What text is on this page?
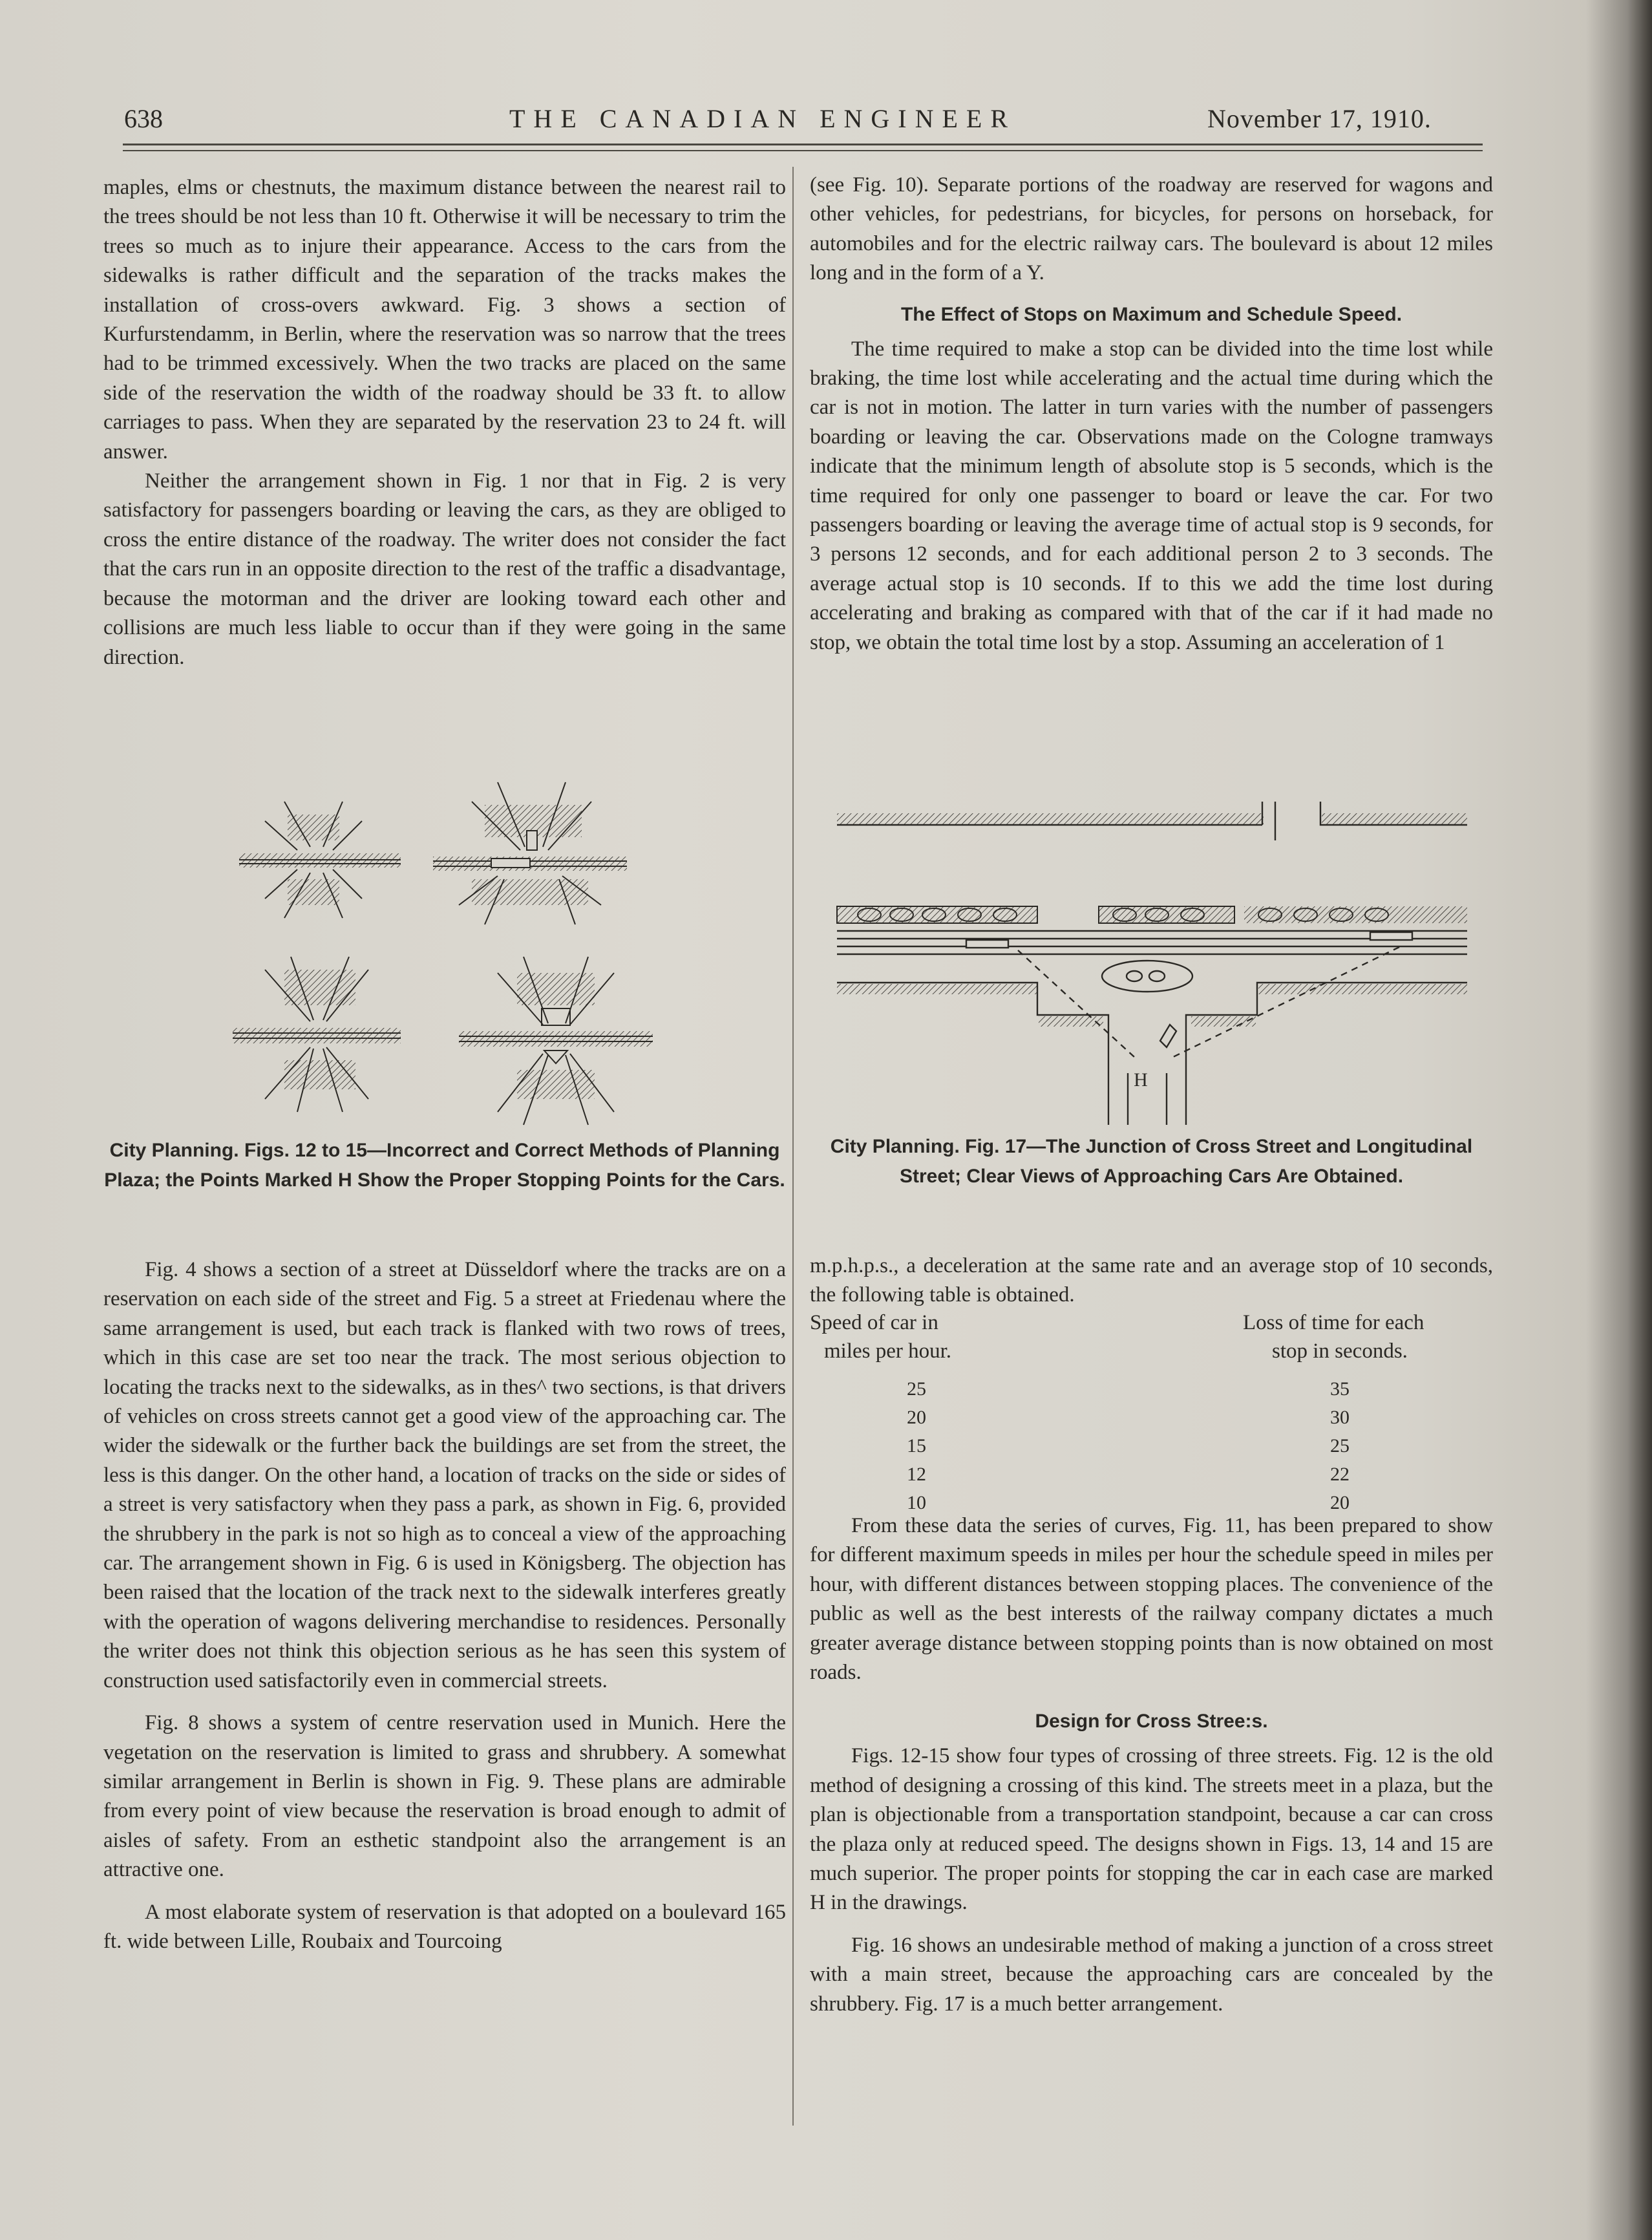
638	THE CANADIAN ENGINEER	November 17, 1910.

maples, elms or chestnuts, the maximum distance between the nearest rail to the trees should be not less than 10 ft. Otherwise it will be necessary to trim the trees so much as to injure their appearance. Access to the cars from the sidewalks is rather difficult and the separation of the tracks makes the installation of cross-overs awkward. Fig. 3 shows a section of Kurfurstendamm, in Berlin, where the reservation was so narrow that the trees had to be trimmed excessively. When the two tracks are placed on the same side of the reservation the width of the roadway should be 33 ft. to allow carriages to pass. When they are separated by the reservation 23 to 24 ft. will answer.

Neither the arrangement shown in Fig. 1 nor that in Fig. 2 is very satisfactory for passengers boarding or leaving the cars, as they are obliged to cross the entire distance of the roadway. The writer does not consider the fact that the cars run in an opposite direction to the rest of the traffic a disadvantage, because the motorman and the driver are looking toward each other and collisions are much less liable to occur than if they were going in the same direction.

City Planning. Figs. 12 to 15—Incorrect and Correct Methods of Planning Plaza; the Points Marked H Show the Proper Stopping Points for the Cars.

Fig. 4 shows a section of a street at Düsseldorf where the tracks are on a reservation on each side of the street and Fig. 5 a street at Friedenau where the same arrangement is used, but each track is flanked with two rows of trees, which in this case are set too near the track. The most serious objection to locating the tracks next to the sidewalks, as in thes^ two sections, is that drivers of vehicles on cross streets cannot get a good view of the approaching car. The wider the sidewalk or the further back the buildings are set from the street, the less is this danger. On the other hand, a location of tracks on the side or sides of a street is very satisfactory when they pass a park, as shown in Fig. 6, provided the shrubbery in the park is not so high as to conceal a view of the approaching car. The arrangement shown in Fig. 6 is used in Königsberg. The objection has been raised that the location of the track next to the sidewalk interferes greatly with the operation of wagons delivering merchandise to residences. Personally the writer does not think this objection serious as he has seen this system of construction used satisfactorily even in commercial streets.

Fig. 8 shows a system of centre reservation used in Munich. Here the vegetation on the reservation is limited to grass and shrubbery. A somewhat similar arrangement in Berlin is shown in Fig. 9. These plans are admirable from every point of view because the reservation is broad enough to admit of aisles of safety. From an esthetic standpoint also the arrangement is an attractive one.

A most elaborate system of reservation is that adopted on a boulevard 165 ft. wide between Lille, Roubaix and Tourcoing

(see Fig. 10). Separate portions of the roadway are reserved for wagons and other vehicles, for pedestrians, for bicycles, for persons on horseback, for automobiles and for the electric railway cars. The boulevard is about 12 miles long and in the form of a Y.

The Effect of Stops on Maximum and Schedule Speed.

The time required to make a stop can be divided into the time lost while braking, the time lost while accelerating and the actual time during which the car is not in motion. The latter in turn varies with the number of passengers boarding or leaving the car. Observations made on the Cologne tramways indicate that the minimum length of absolute stop is 5 seconds, which is the time required for only one passenger to board or leave the car. For two passengers boarding or leaving the average time of actual stop is 9 seconds, for 3 persons 12 seconds, and for each additional person 2 to 3 seconds. The average actual stop is 10 seconds. If to this we add the time lost during accelerating and braking as compared with that of the car if it had made no stop, we obtain the total time lost by a stop. Assuming an acceleration of 1

H
City Planning. Fig. 17—The Junction of Cross Street and Longitudinal Street; Clear Views of Approaching Cars Are Obtained.

m.p.h.p.s., a deceleration at the same rate and an average stop of 10 seconds, the following table is obtained.

Speed of car in
miles per hour.
Loss of time for each
stop in seconds.
25	35
20	30
15	25
12	22
10	20

From these data the series of curves, Fig. 11, has been prepared to show for different maximum speeds in miles per hour the schedule speed in miles per hour, with different distances between stopping places. The convenience of the public as well as the best interests of the railway company dictates a much greater average distance between stopping points than is now obtained on most roads.

Design for Cross Stree:s.

Figs. 12-15 show four types of crossing of three streets. Fig. 12 is the old method of designing a crossing of this kind. The streets meet in a plaza, but the plan is objectionable from a transportation standpoint, because a car can cross the plaza only at reduced speed. The designs shown in Figs. 13, 14 and 15 are much superior. The proper points for stopping the car in each case are marked H in the drawings.

Fig. 16 shows an undesirable method of making a junction of a cross street with a main street, because the approaching cars are concealed by the shrubbery. Fig. 17 is a much better arrangement.
